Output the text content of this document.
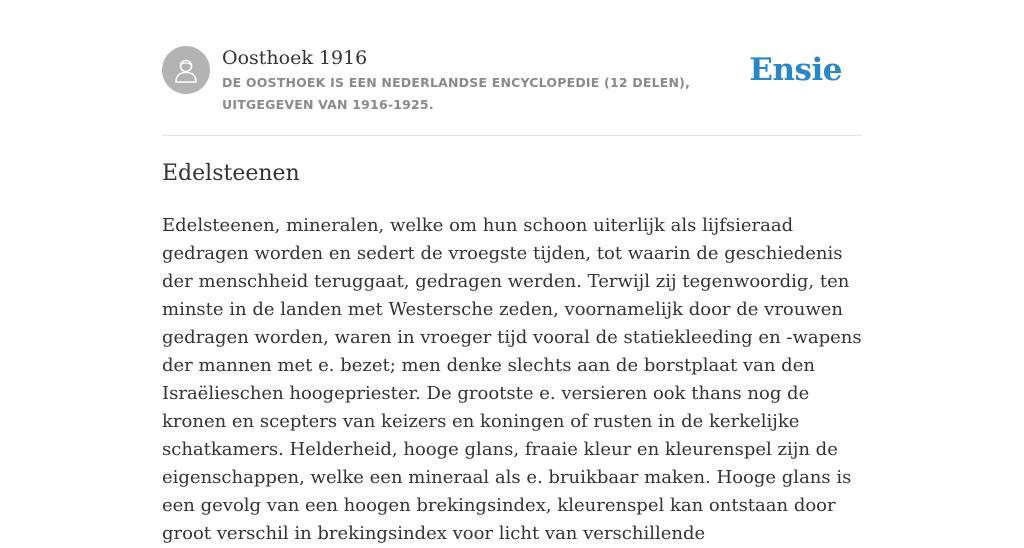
Oosthoek 1916
DE OOSTHOEK IS EEN NEDERLANDSE ENCYCLOPEDIE (12 DELEN), UITGEGEVEN VAN 1916-1925.
Ensie
Edelsteenen

Edelsteenen, mineralen, welke om hun schoon uiterlijk als lijfsieraad gedragen worden en sedert de vroegste tijden, tot waarin de geschiedenis der menschheid teruggaat, gedragen werden. Terwijl zij tegenwoordig, ten minste in de landen met Westersche zeden, voornamelijk door de vrouwen gedragen worden, waren in vroeger tijd vooral de statiekleeding en -wapens der mannen met e. bezet; men denke slechts aan de borstplaat van den Israëlieschen hoogepriester. De grootste e. versieren ook thans nog de kronen en scepters van keizers en koningen of rusten in de kerkelijke schatkamers. Helderheid, hooge glans, fraaie kleur en kleurenspel zijn de eigenschappen, welke een mineraal als e. bruikbaar maken. Hooge glans is een gevolg van een hoogen brekingsindex, kleurenspel kan ontstaan door groot verschil in brekingsindex voor licht van verschillende
